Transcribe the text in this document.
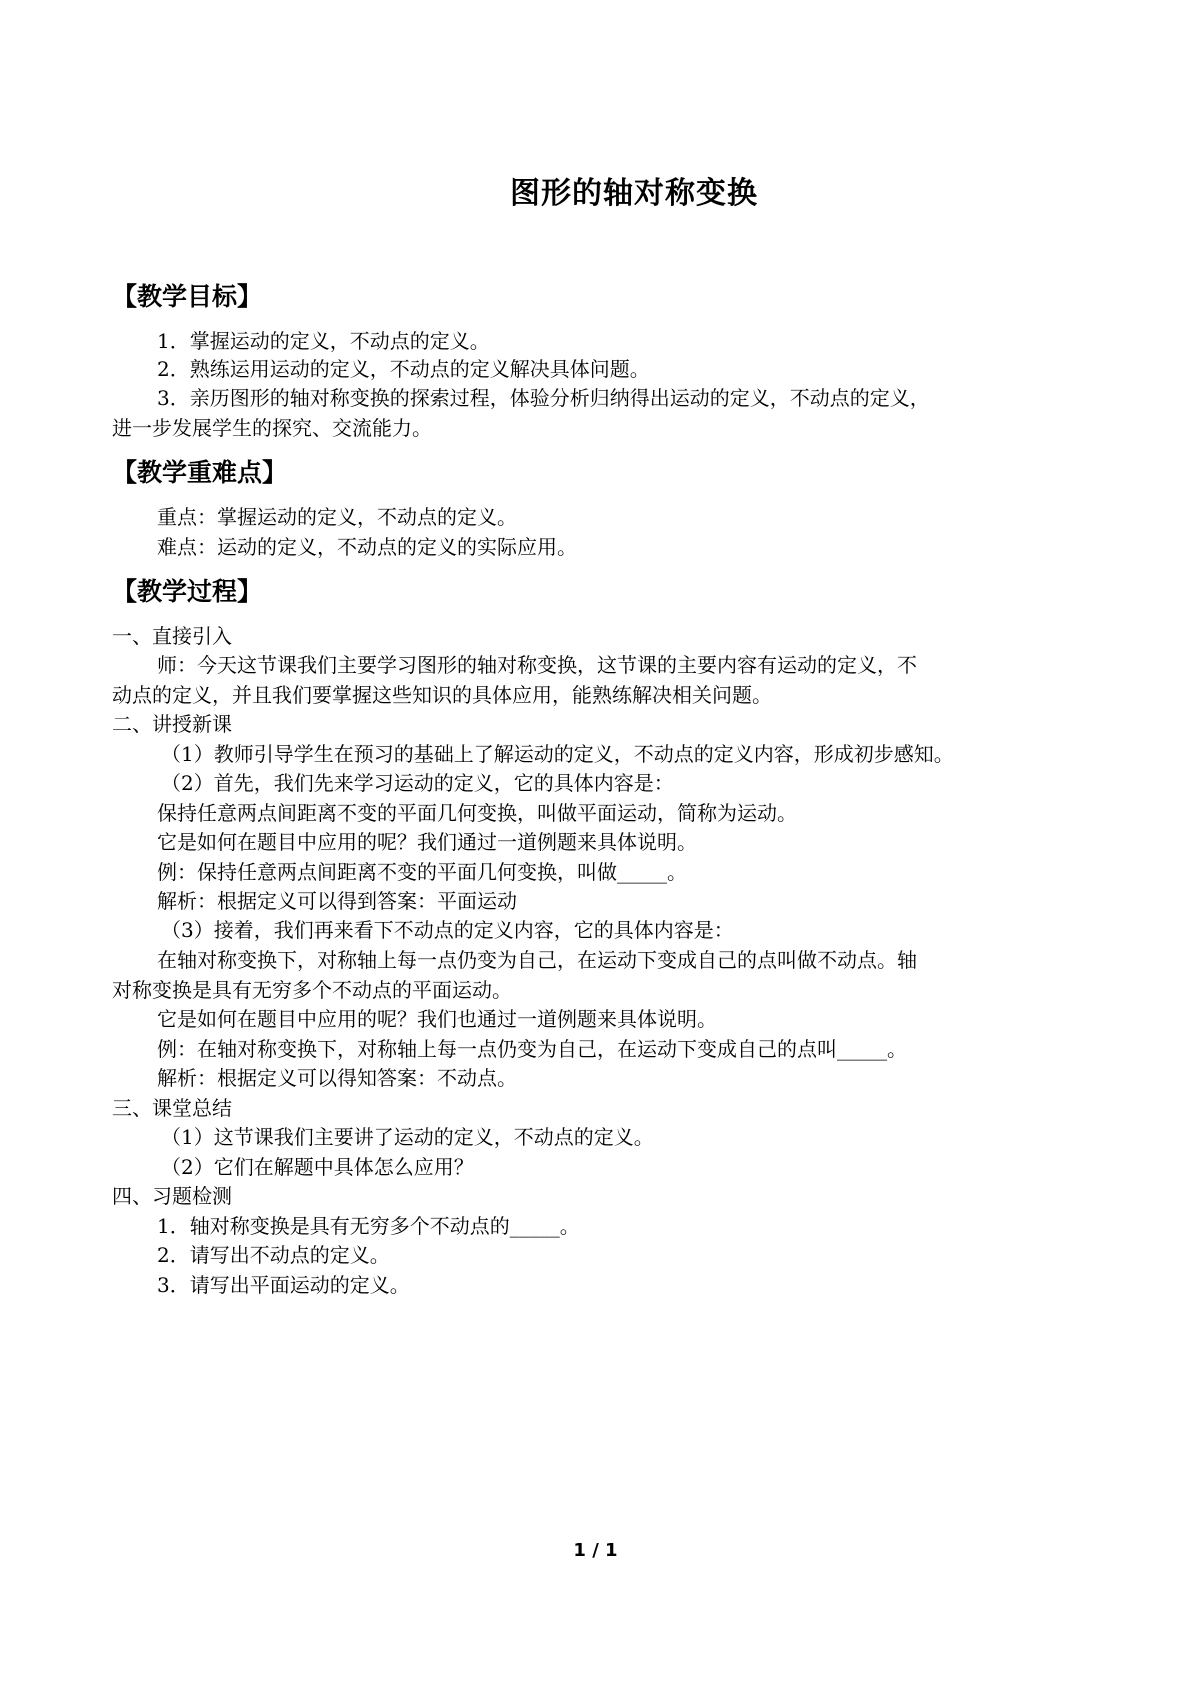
图形的轴对称变换
【教学目标】
1．掌握运动的定义，不动点的定义。
2．熟练运用运动的定义，不动点的定义解决具体问题。
3．亲历图形的轴对称变换的探索过程，体验分析归纳得出运动的定义，不动点的定义，
进一步发展学生的探究、交流能力。
【教学重难点】
重点：掌握运动的定义，不动点的定义。
难点：运动的定义，不动点的定义的实际应用。
【教学过程】
一、直接引入
师：今天这节课我们主要学习图形的轴对称变换，这节课的主要内容有运动的定义，不
动点的定义，并且我们要掌握这些知识的具体应用，能熟练解决相关问题。
二、讲授新课
（1）教师引导学生在预习的基础上了解运动的定义，不动点的定义内容，形成初步感知。
（2）首先，我们先来学习运动的定义，它的具体内容是：
保持任意两点间距离不变的平面几何变换，叫做平面运动，简称为运动。
它是如何在题目中应用的呢？我们通过一道例题来具体说明。
例：保持任意两点间距离不变的平面几何变换，叫做_____。
解析：根据定义可以得到答案：平面运动
（3）接着，我们再来看下不动点的定义内容，它的具体内容是：
在轴对称变换下，对称轴上每一点仍变为自己，在运动下变成自己的点叫做不动点。轴
对称变换是具有无穷多个不动点的平面运动。
它是如何在题目中应用的呢？我们也通过一道例题来具体说明。
例：在轴对称变换下，对称轴上每一点仍变为自己，在运动下变成自己的点叫_____。
解析：根据定义可以得知答案：不动点。
三、课堂总结
（1）这节课我们主要讲了运动的定义，不动点的定义。
（2）它们在解题中具体怎么应用？
四、习题检测
1．轴对称变换是具有无穷多个不动点的_____。
2．请写出不动点的定义。
3．请写出平面运动的定义。
1 / 1
